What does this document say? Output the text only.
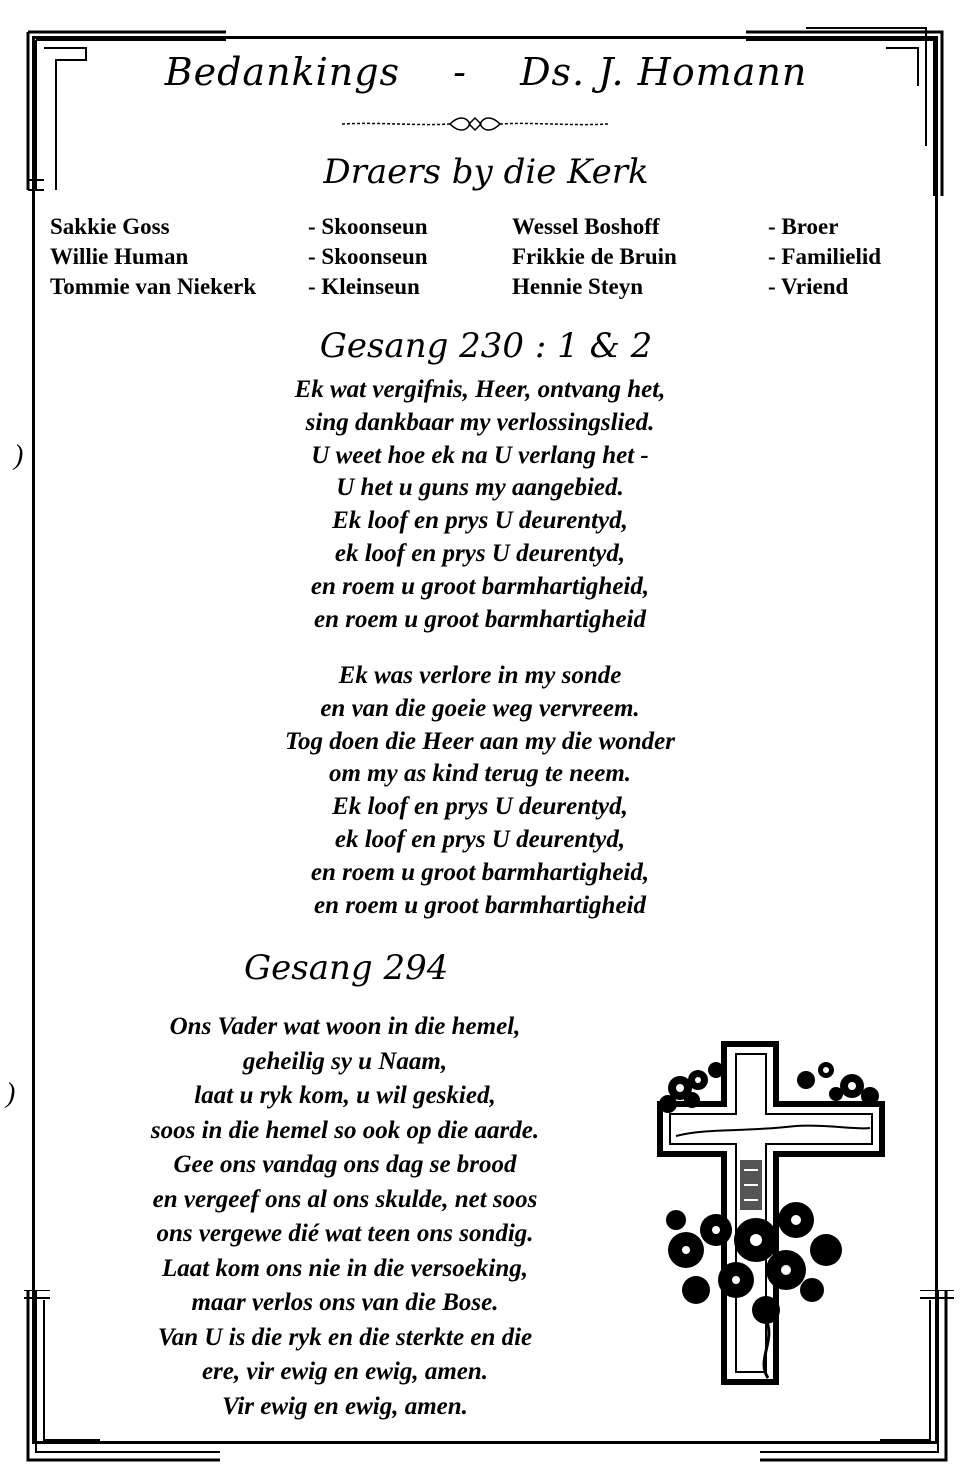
Bedankings - Ds. J. Homann
Draers by die Kerk
Sakkie Goss	- Skoonseun	Wessel Boshoff	- Broer
Willie Human	- Skoonseun	Frikkie de Bruin	- Familielid
Tommie van Niekerk - Kleinseun	Hennie Steyn	- Vriend
Gesang 230 : 1 & 2
Ek wat vergifnis, Heer, ontvang het,
sing dankbaar my verlossingslied.
U weet hoe ek na U verlang het -
U het u guns my aangebied.
Ek loof en prys U deurentyd,
ek loof en prys U deurentyd,
en roem u groot barmhartigheid,
en roem u groot barmhartigheid
Ek was verlore in my sonde
en van die goeie weg vervreem.
Tog doen die Heer aan my die wonder
om my as kind terug te neem.
Ek loof en prys U deurentyd,
ek loof en prys U deurentyd,
en roem u groot barmhartigheid,
en roem u groot barmhartigheid
Gesang 294
Ons Vader wat woon in die hemel,
geheilig sy u Naam,
laat u ryk kom, u wil geskied,
soos in die hemel so ook op die aarde.
Gee ons vandag ons dag se brood
en vergeef ons al ons skulde, net soos
ons vergewe dié wat teen ons sondig.
Laat kom ons nie in die versoeking,
maar verlos ons van die Bose.
Van U is die ryk en die sterkte en die
ere, vir ewig en ewig, amen.
Vir ewig en ewig, amen.
)
)
